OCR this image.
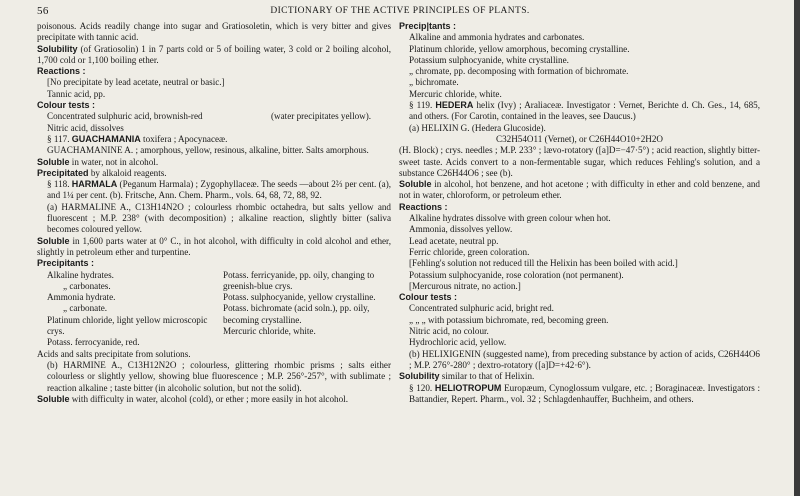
56	DICTIONARY OF THE ACTIVE PRINCIPLES OF PLANTS.

poisonous. Acids readily change into sugar and Gratiosoletin, which is very bitter and gives precipitate with tannic acid.

Solubility (of Gratiosolin) 1 in 7 parts cold or 5 of boiling water, 3 cold or 2 boiling alcohol, 1,700 cold or 1,100 boiling ether.

Reactions :

[No precipitate by lead acetate, neutral or basic.]

Tannic acid, pp.

Colour tests :

Concentrated sulphuric acid, brownish-red
Nitric acid, dissolves
(water precipitates yellow).

§ 117. GUACHAMANIA toxifera ; Apocynaceæ.

GUACHAMANINE A. ; amorphous, yellow, resinous, alkaline, bitter. Salts amorphous.

Soluble in water, not in alcohol.

Precipitated by alkaloid reagents.

§ 118. HARMALA (Peganum Harmala) ; Zygophyllaceæ. The seeds —about 2⅔ per cent. (a), and 1¼ per cent. (b). Fritsche, Ann. Chem. Pharm., vols. 64, 68, 72, 88, 92.

(a) HARMALINE A., C13H14N2O ; colourless rhombic octahedra, but salts yellow and fluorescent ; M.P. 238° (with decomposition) ; alkaline reaction, slightly bitter (saliva becomes coloured yellow.

Soluble in 1,600 parts water at 0° C., in hot alcohol, with difficulty in cold alcohol and ether, slightly in petroleum ether and turpentine.

Precipitants :

Alkaline hydrates.
„ carbonates.
Ammonia hydrate.
„ carbonate.
Platinum chloride, light yellow microscopic crys.
Potass. ferrocyanide, red.
Potass. ferricyanide, pp. oily, changing to greenish-blue crys.
Potass. sulphocyanide, yellow crystalline.
Potass. bichromate (acid soln.), pp. oily, becoming crystalline.
Mercuric chloride, white.

Acids and salts precipitate from solutions.

(b) HARMINE A., C13H12N2O ; colourless, glittering rhombic prisms ; salts either colourless or slightly yellow, showing blue fluorescence ; M.P. 256°-257°, with sublimate ; reaction alkaline ; taste bitter (in alcoholic solution, but not the solid).

Soluble with difficulty in water, alcohol (cold), or ether ; more easily in hot alcohol.

Precip|tants :

Alkaline and ammonia hydrates and carbonates.

Platinum chloride, yellow amorphous, becoming crystalline.

Potassium sulphocyanide, white crystalline.

„ chromate, pp. decomposing with formation of bichromate.

„ bichromate.

Mercuric chloride, white.

§ 119. HEDERA helix (Ivy) ; Araliaceæ. Investigator : Vernet, Berichte d. Ch. Ges., 14, 685, and others. (For Carotin, contained in the leaves, see Daucus.)

(a) HELIXIN G. (Hedera Glucoside).

C32H54O11 (Vernet), or C26H44O10+2H2O

(H. Block) ; crys. needles ; M.P. 233° ; lævo-rotatory ([a]D=−47·5°) ; acid reaction, slightly bitter-sweet taste. Acids convert to a non-fermentable sugar, which reduces Fehling's solution, and a substance C26H44O6 ; see (b).

Soluble in alcohol, hot benzene, and hot acetone ; with difficulty in ether and cold benzene, and not in water, chloroform, or petroleum ether.

Reactions :

Alkaline hydrates dissolve with green colour when hot.

Ammonia, dissolves yellow.

Lead acetate, neutral pp.

Ferric chloride, green coloration.

[Fehling's solution not reduced till the Helixin has been boiled with acid.]

Potassium sulphocyanide, rose coloration (not permanent).

[Mercurous nitrate, no action.]

Colour tests :

Concentrated sulphuric acid, bright red.

„ „ „ with potassium bichromate, red, becoming green.

Nitric acid, no colour.

Hydrochloric acid, yellow.

(b) HELIXIGENIN (suggested name), from preceding substance by action of acids, C26H44O6 ; M.P. 276°-280° ; dextro-rotatory ([a]D=+42·6°).

Solubility similar to that of Helixin.

§ 120. HELIOTROPUM Europæum, Cynoglossum vulgare, etc. ; Boraginaceæ. Investigators : Battandier, Repert. Pharm., vol. 32 ; Schlagdenhauffer, Buchheim, and others.
